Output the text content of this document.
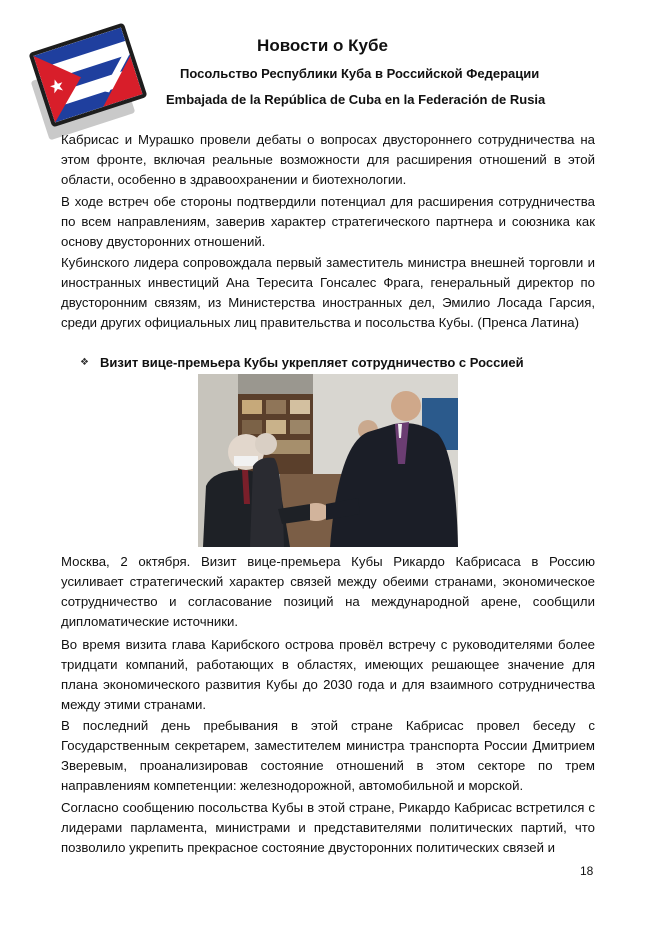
Новости о Кубе

Посольство Республики Куба в Российской Федерации

Embajada de la República de Cuba en la Federación de Rusia

Кабрисас и Мурашко провели дебаты о вопросах двустороннего сотрудничества на этом фронте, включая реальные возможности для расширения отношений в этой области, особенно в здравоохранении и биотехнологии.

В ходе встреч обе стороны подтвердили потенциал для расширения сотрудничества по всем направлениям, заверив характер стратегического партнера и союзника как основу двусторонних отношений.

Кубинского лидера сопровождала первый заместитель министра внешней торговли и иностранных инвестиций Ана Тереситa Гонсалес Фрага, генеральный директор по двусторонним связям, из Министерства иностранных дел, Эмилио Лосада Гарсия, среди других официальных лиц правительства и посольства Кубы. (Пренса Латина)

❖ Визит вице-премьера Кубы укрепляет сотрудничество с Россией

Москва, 2 октября. Визит вице-премьера Кубы Рикардо Кабрисаса в Россию усиливает стратегический характер связей между обеими странами, экономическое сотрудничество и согласование позиций на международной арене, сообщили дипломатические источники.

Во время визита глава Карибского острова провёл встречу с руководителями более тридцати компаний, работающих в областях, имеющих решающее значение для плана экономического развития Кубы до 2030 года и для взаимного сотрудничества между этими странами.

В последний день пребывания в этой стране Кабрисас провел беседу с Государственным секретарем, заместителем министра транспорта России Дмитрием Зверевым, проанализировав состояние отношений в этом секторе по трем направлениям компетенции: железнодорожной, автомобильной и морской.

Согласно сообщению посольства Кубы в этой стране, Рикардо Кабрисас встретился с лидерами парламента, министрами и представителями политических партий, что позволило укрепить прекрасное состояние двусторонних политических связей и

18
